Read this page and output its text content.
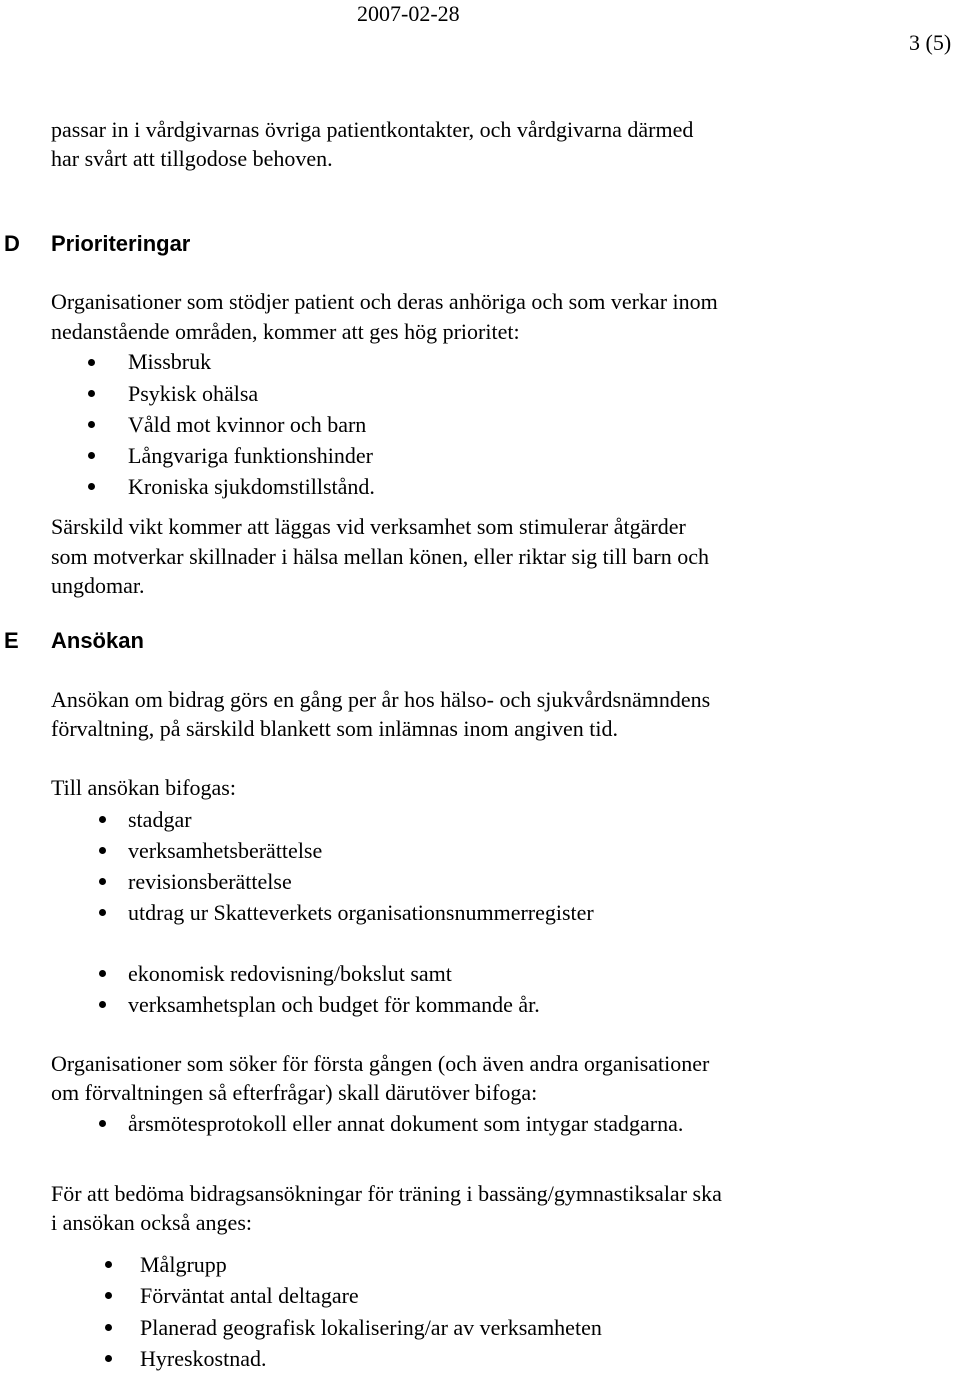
2007-02-28
3 (5)
passar in i vårdgivarnas övriga patientkontakter, och vårdgivarna därmed
har svårt att tillgodose behoven.
D Prioriteringar
Organisationer som stödjer patient och deras anhöriga och som verkar inom
nedanstående områden, kommer att ges hög prioritet:
Missbruk
Psykisk ohälsa
Våld mot kvinnor och barn
Långvariga funktionshinder
Kroniska sjukdomstillstånd.
Särskild vikt kommer att läggas vid verksamhet som stimulerar åtgärder
som motverkar skillnader i hälsa mellan könen, eller riktar sig till barn och
ungdomar.
E Ansökan
Ansökan om bidrag görs en gång per år hos hälso- och sjukvårdsnämndens
förvaltning, på särskild blankett som inlämnas inom angiven tid.
Till ansökan bifogas:
stadgar
verksamhetsberättelse
revisionsberättelse
utdrag ur Skatteverkets organisationsnummerregister
ekonomisk redovisning/bokslut samt
verksamhetsplan och budget för kommande år.
Organisationer som söker för första gången (och även andra organisationer
om förvaltningen så efterfrågar) skall därutöver bifoga:
årsmötesprotokoll eller annat dokument som intygar stadgarna.
För att bedöma bidragsansökningar för träning i bassäng/gymnastiksalar ska
i ansökan också anges:
Målgrupp
Förväntat antal deltagare
Planerad geografisk lokalisering/ar av verksamheten
Hyreskostnad.
